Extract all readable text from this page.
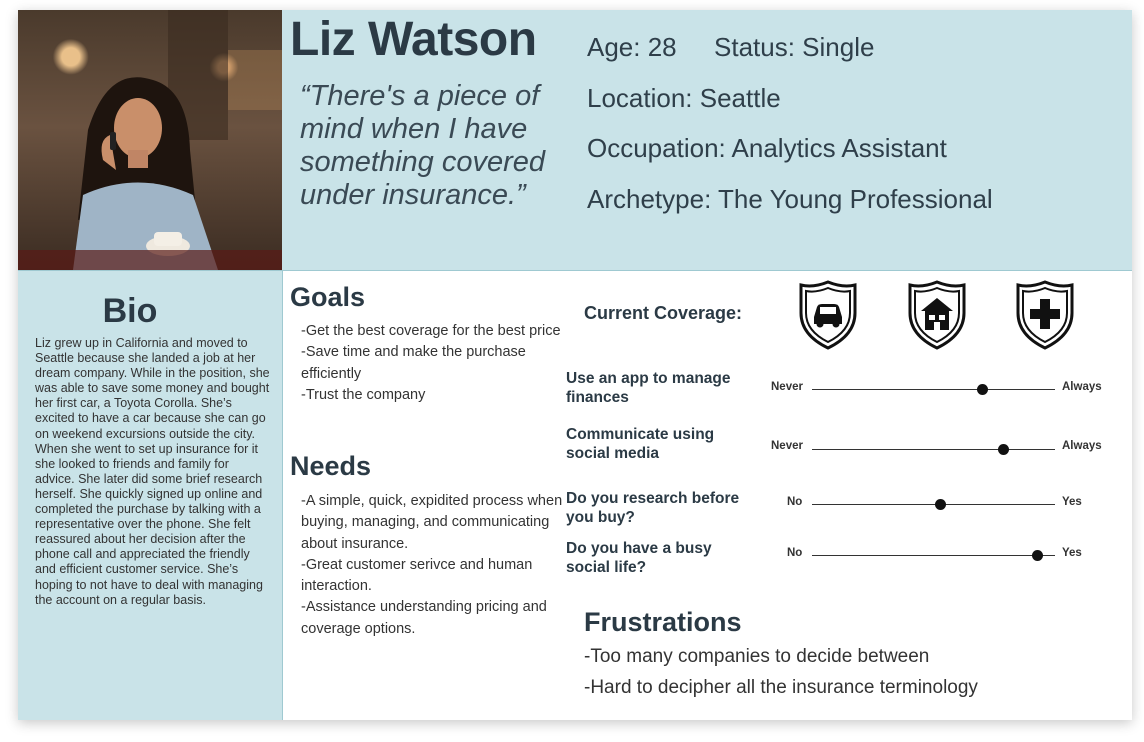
Liz Watson

“There's a piece of mind when I have something covered under insurance.”

Age: 28 Status: Single
Location: Seattle
Occupation: Analytics Assistant
Archetype: The Young Professional
Bio

Liz grew up in California and moved to Seattle because she landed a job at her dream company. While in the position, she was able to save some money and bought her first car, a Toyota Corolla. She’s excited to have a car because she can go on weekend excursions outside the city. When she went to set up insurance for it she looked to friends and family for advice. She later did some brief research herself. She quickly signed up online and completed the purchase by talking with a representative over the phone. She felt reassured about her decision after the phone call and appreciated the friendly and efficient customer service. She’s hoping to not have to deal with managing the account on a regular basis.

Goals
-Get the best coverage for the best price
-Save time and make the purchase efficiently
-Trust the company
Needs
-A simple, quick, expidited process when buying, managing, and communicating about insurance.
-Great customer serivce and human interaction.
-Assistance understanding pricing and coverage options.
Current Coverage:
Use an app to manage finances
Never	Always
Communicate using social media	Never	Always
Do you research before you buy?
No	Yes
Do you have a busy social life?
No	Yes
Frustrations
-Too many companies to decide between
-Hard to decipher all the insurance terminology
